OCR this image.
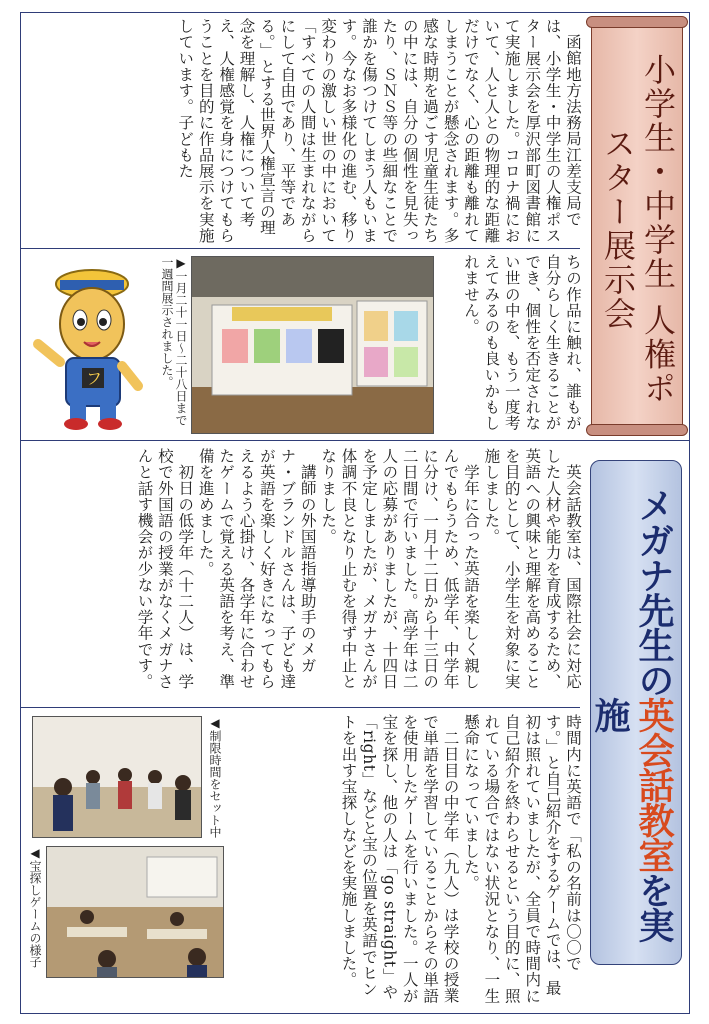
小学生・中学生 人権ポスター展示会

函館地方法務局江差支局では、小学生・中学生の人権ポスター展示会を厚沢部町図書館にて実施しました。コロナ禍において、人と人との物理的な距離だけでなく、心の距離も離れてしまうことが懸念されます。多感な時期を過ごす児童生徒たちの中には、自分の個性を見失ったり、ＳＮＳ等の些細なことで誰かを傷つけてしまう人もいます。今なお多様化の進む、移り変わりの激しい世の中において「すべての人間は生まれながらにして自由であり、平等である。」とする世界人権宣言の理念を理解し、人権について考え、人権感覚を身につけてもらうことを目的に作品展示を実施しています。子どもた

ちの作品に触れ、誰もが自分らしく生きることができ、個性を否定されない世の中を、もう一度考えてみるのも良いかもしれません。

▶一月二十一日～二十八日まで一週間展示されました。
フ
メガナ先生の英会話教室を実施

英会話教室は、国際社会に対応した人材や能力を育成するため、英語への興味と理解を高めることを目的として、小学生を対象に実施しました。

学年に合った英語を楽しく親しんでもらうため、低学年、中学年に分け、一月十二日から十三日の二日間で行いました。高学年は二人の応募がありましたが、十四日を予定しましたが、メガナさんが体調不良となり止むを得ず中止となりました。

講師の外国語指導助手のメガナ・ブランドルさんは、子ども達が英語を楽しく好きになってもらえるよう心掛け、各学年に合わせたゲームで覚える英語を考え、準備を進めました。

初日の低学年（十二人）は、学校で外国語の授業がなくメガナさんと話す機会が少ない学年です。

時間内に英語で「私の名前は〇〇です。」と自己紹介をするゲームでは、最初は照れていましたが、全員で時間内に自己紹介を終わらせるという目的に、照れている場合ではない状況となり、一生懸命になっていました。

二日目の中学年（九人）は学校の授業で単語を学習していることからその単語を使用したゲームを行いました。一人が宝を探し、他の人は「go straight」や「right」などと宝の位置を英語でヒントを出す宝探しなどを実施しました。

◀制限時間をセット中
◀宝探しゲームの様子
